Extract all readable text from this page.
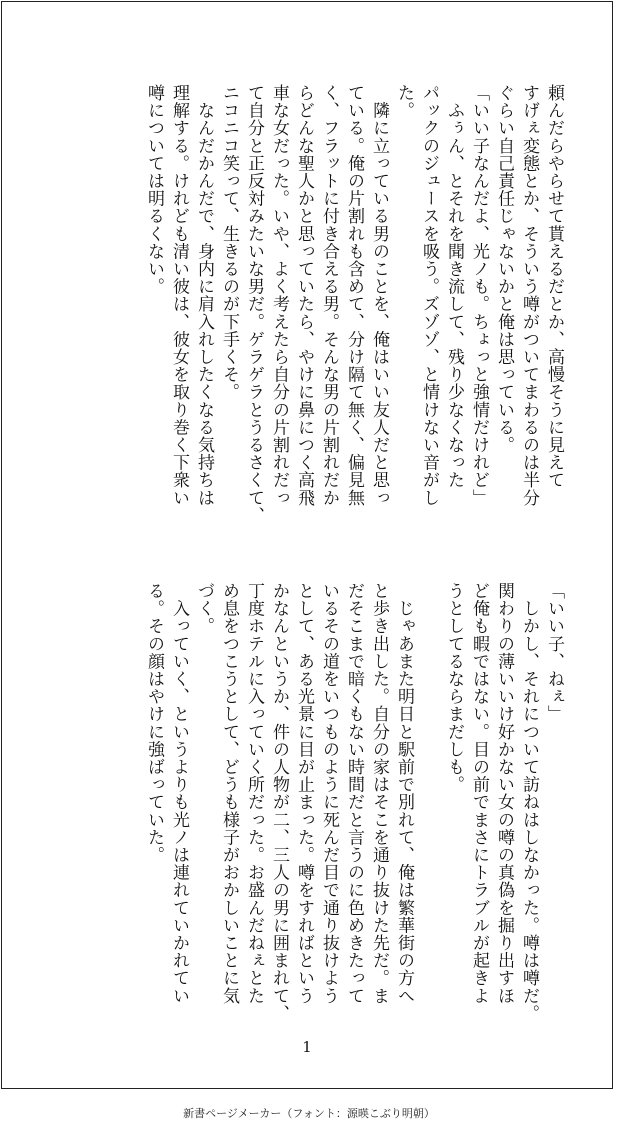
頼んだらやらせて貰えるだとか、高慢そうに見えて
すげぇ変態とか、そういう噂がついてまわるのは半分
ぐらい自己責任じゃないかと俺は思っている。
「いい子なんだよ、光ノも。ちょっと強情だけれど」
　ふぅん、とそれを聞き流して、残り少なくなった
パックのジュースを吸う。ズゾゾ、と情けない音がし
た。
　隣に立っている男のことを、俺はいい友人だと思っ
ている。俺の片割れも含めて、分け隔て無く、偏見無
く、フラットに付き合える男。そんな男の片割れだか
らどんな聖人かと思っていたら、やけに鼻につく高飛
車な女だった。いや、よく考えたら自分の片割れだっ
て自分と正反対みたいな男だ。ゲラゲラとうるさくて、
ニコニコ笑って、生きるのが下手くそ。
　なんだかんだで、身内に肩入れしたくなる気持ちは
理解する。けれども清い彼は、彼女を取り巻く下衆い
噂については明るくない。
「いい子、ねぇ」
　しかし、それについて訪ねはしなかった。噂は噂だ。
関わりの薄いいけ好かない女の噂の真偽を掘り出すほ
ど俺も暇ではない。目の前でまさにトラブルが起きよ
うとしてるならまだしも。

　じゃあまた明日と駅前で別れて、俺は繁華街の方へ
と歩き出した。自分の家はそこを通り抜けた先だ。ま
だそこまで暗くもない時間だと言うのに色めきたって
いるその道をいつものように死んだ目で通り抜けよう
として、ある光景に目が止まった。噂をすればという
かなんというか、件の人物が二、三人の男に囲まれて、
丁度ホテルに入っていく所だった。お盛んだねぇとた
め息をつこうとして、どうも様子がおかしいことに気
づく。
　入っていく、というよりも光ノは連れていかれてい
る。その顔はやけに強ばっていた。
1
新書ページメーカー（フォント：源暎こぶり明朝）
